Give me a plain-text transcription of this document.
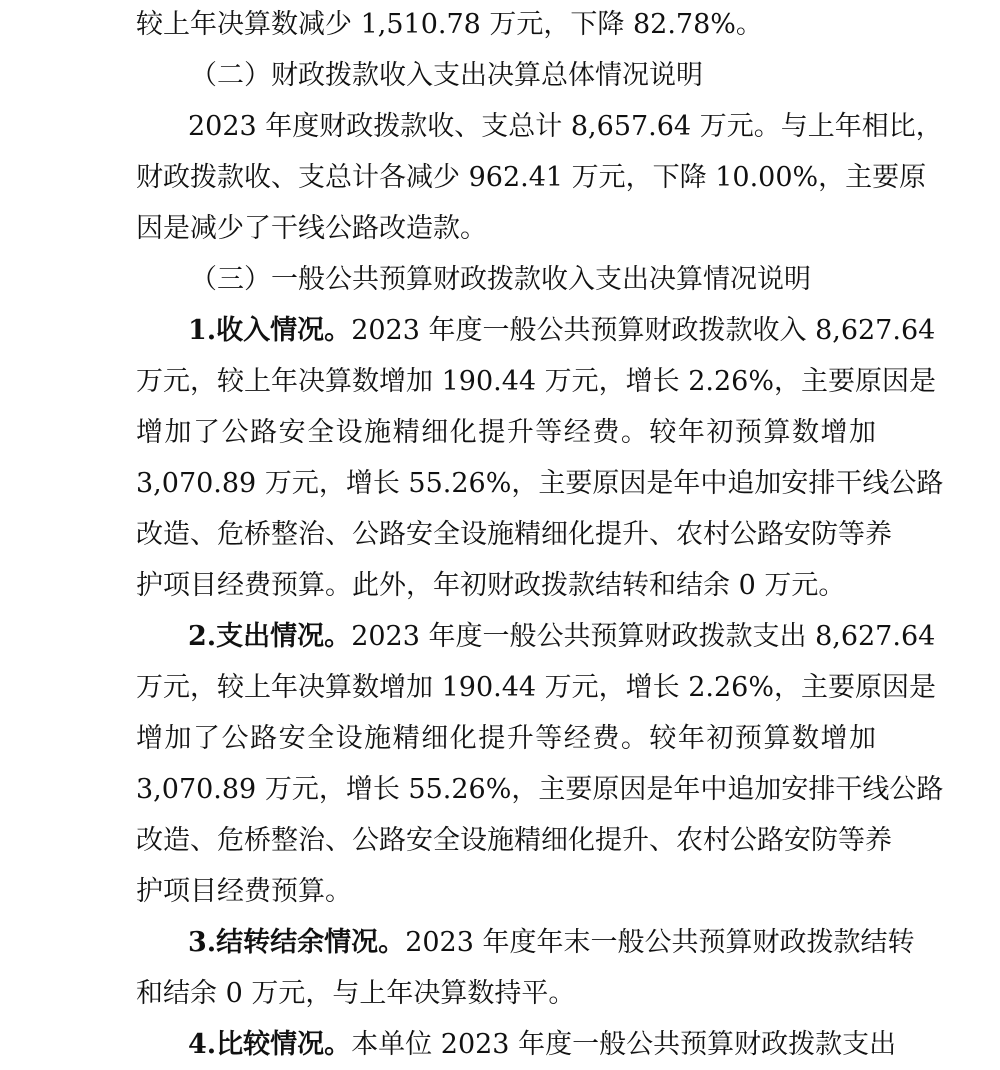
较上年决算数减少 1,510.78 万元，下降 82.78%。
（二）财政拨款收入支出决算总体情况说明
2023 年度财政拨款收、支总计 8,657.64 万元。与上年相比，
财政拨款收、支总计各减少 962.41 万元，下降 10.00%，主要原
因是减少了干线公路改造款。
（三）一般公共预算财政拨款收入支出决算情况说明
1.收入情况。2023 年度一般公共预算财政拨款收入 8,627.64
万元，较上年决算数增加 190.44 万元，增长 2.26%，主要原因是
增加了公路安全设施精细化提升等经费。较年初预算数增加
3,070.89 万元，增长 55.26%，主要原因是年中追加安排干线公路
改造、危桥整治、公路安全设施精细化提升、农村公路安防等养
护项目经费预算。此外，年初财政拨款结转和结余 0 万元。
2.支出情况。2023 年度一般公共预算财政拨款支出 8,627.64
万元，较上年决算数增加 190.44 万元，增长 2.26%，主要原因是
增加了公路安全设施精细化提升等经费。较年初预算数增加
3,070.89 万元，增长 55.26%，主要原因是年中追加安排干线公路
改造、危桥整治、公路安全设施精细化提升、农村公路安防等养
护项目经费预算。
3.结转结余情况。2023 年度年末一般公共预算财政拨款结转
和结余 0 万元，与上年决算数持平。
4.比较情况。本单位 2023 年度一般公共预算财政拨款支出
